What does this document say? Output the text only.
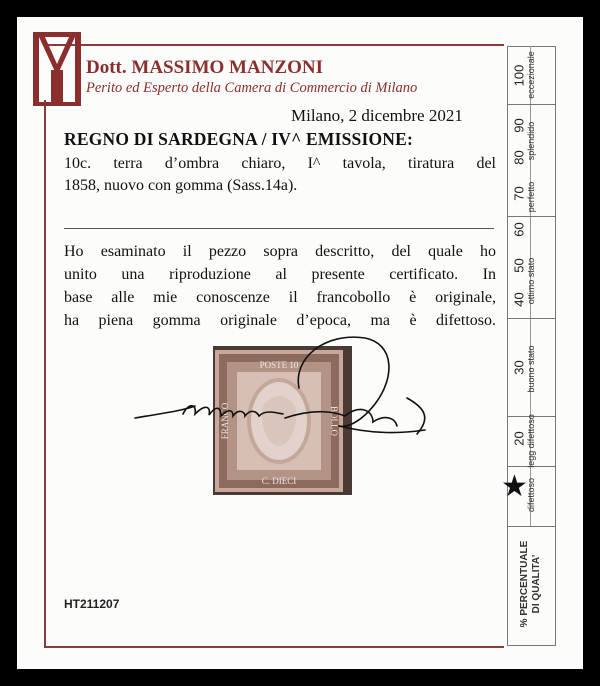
Dott. MASSIMO MANZONI
Perito ed Esperto della Camera di Commercio di Milano
Milano, 2 dicembre 2021
REGNO DI SARDEGNA / IV^ EMISSIONE:
10c. terra d’ombra chiaro, I^ tavola, tiratura del
1858, nuovo con gomma (Sass.14a).
Ho esaminato il pezzo sopra descritto, del quale ho
unito una riproduzione al presente certificato. In
base alle mie conoscenze il francobollo è originale,
ha piena gomma originale d’epoca, ma è difettoso.
POSTE 10
C. DIECI
FRANCO	BOLLO
HT211207
100
90
80
70
60
50
40
30
20
eccezionale
splendido
perfetto
ottimo stato
buono stato
legg difettoso
difettoso
% PERCENTUALE DI QUALITA’
★
